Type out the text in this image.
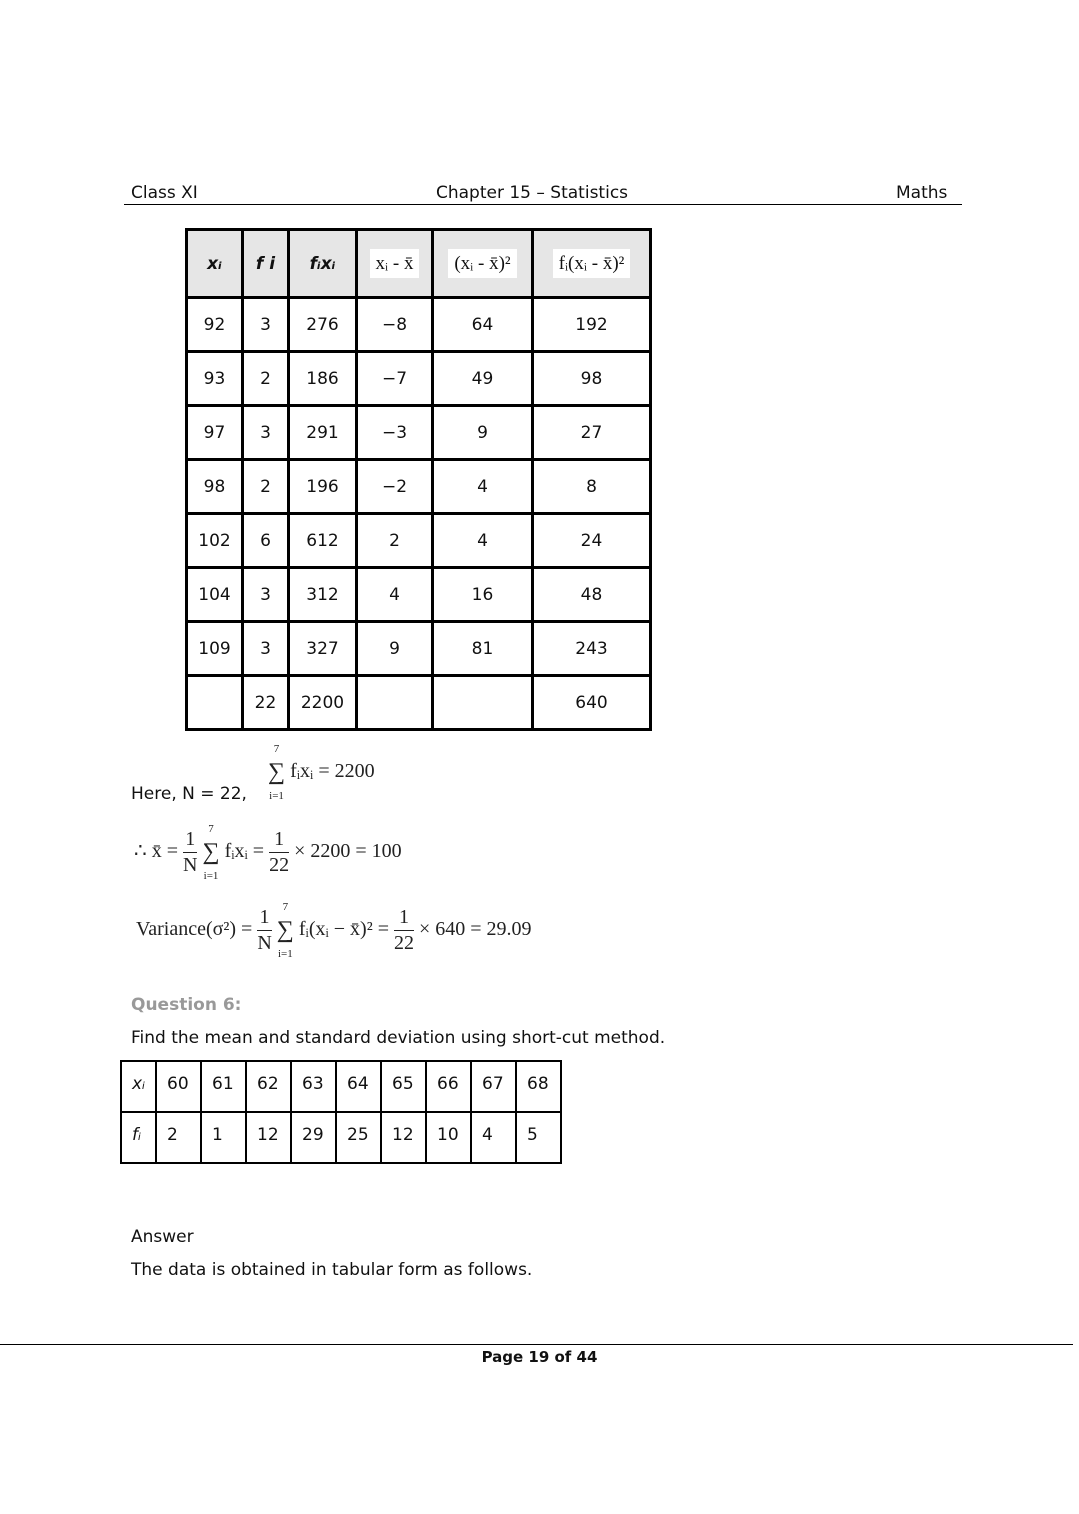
Class XI	Chapter 15 – Statistics	Maths
xᵢ	f i	fᵢxᵢ	xᵢ - x̄	(xᵢ - x̄)²	fᵢ(xᵢ - x̄)²
92	3	276	−8	64	192
93	2	186	−7	49	98
97	3	291	−3	9	27
98	2	196	−2	4	8
102	6	612	2	4	24
104	3	312	4	16	48
109	3	327	9	81	243
	22	2200			640
Here, N = 22,
7
∑
i=1
fᵢxᵢ = 2200
∴ x̄ = $\frac{1}{N}$
7
∑
i=1
fᵢxᵢ = $\frac{1}{22} \times 2200 = 100$
Variance(σ²) = $\frac{1}{N}$
7
∑
i=1
fᵢ(xᵢ − x̄)² = $\frac{1}{22} \times 640 = 29.09$
Question 6:
Find the mean and standard deviation using short-cut method.
xᵢ	60	61	62	63	64	65	66	67	68
fᵢ	2	1	12	29	25	12	10	4	5
Answer
The data is obtained in tabular form as follows.
Page 19 of 44
